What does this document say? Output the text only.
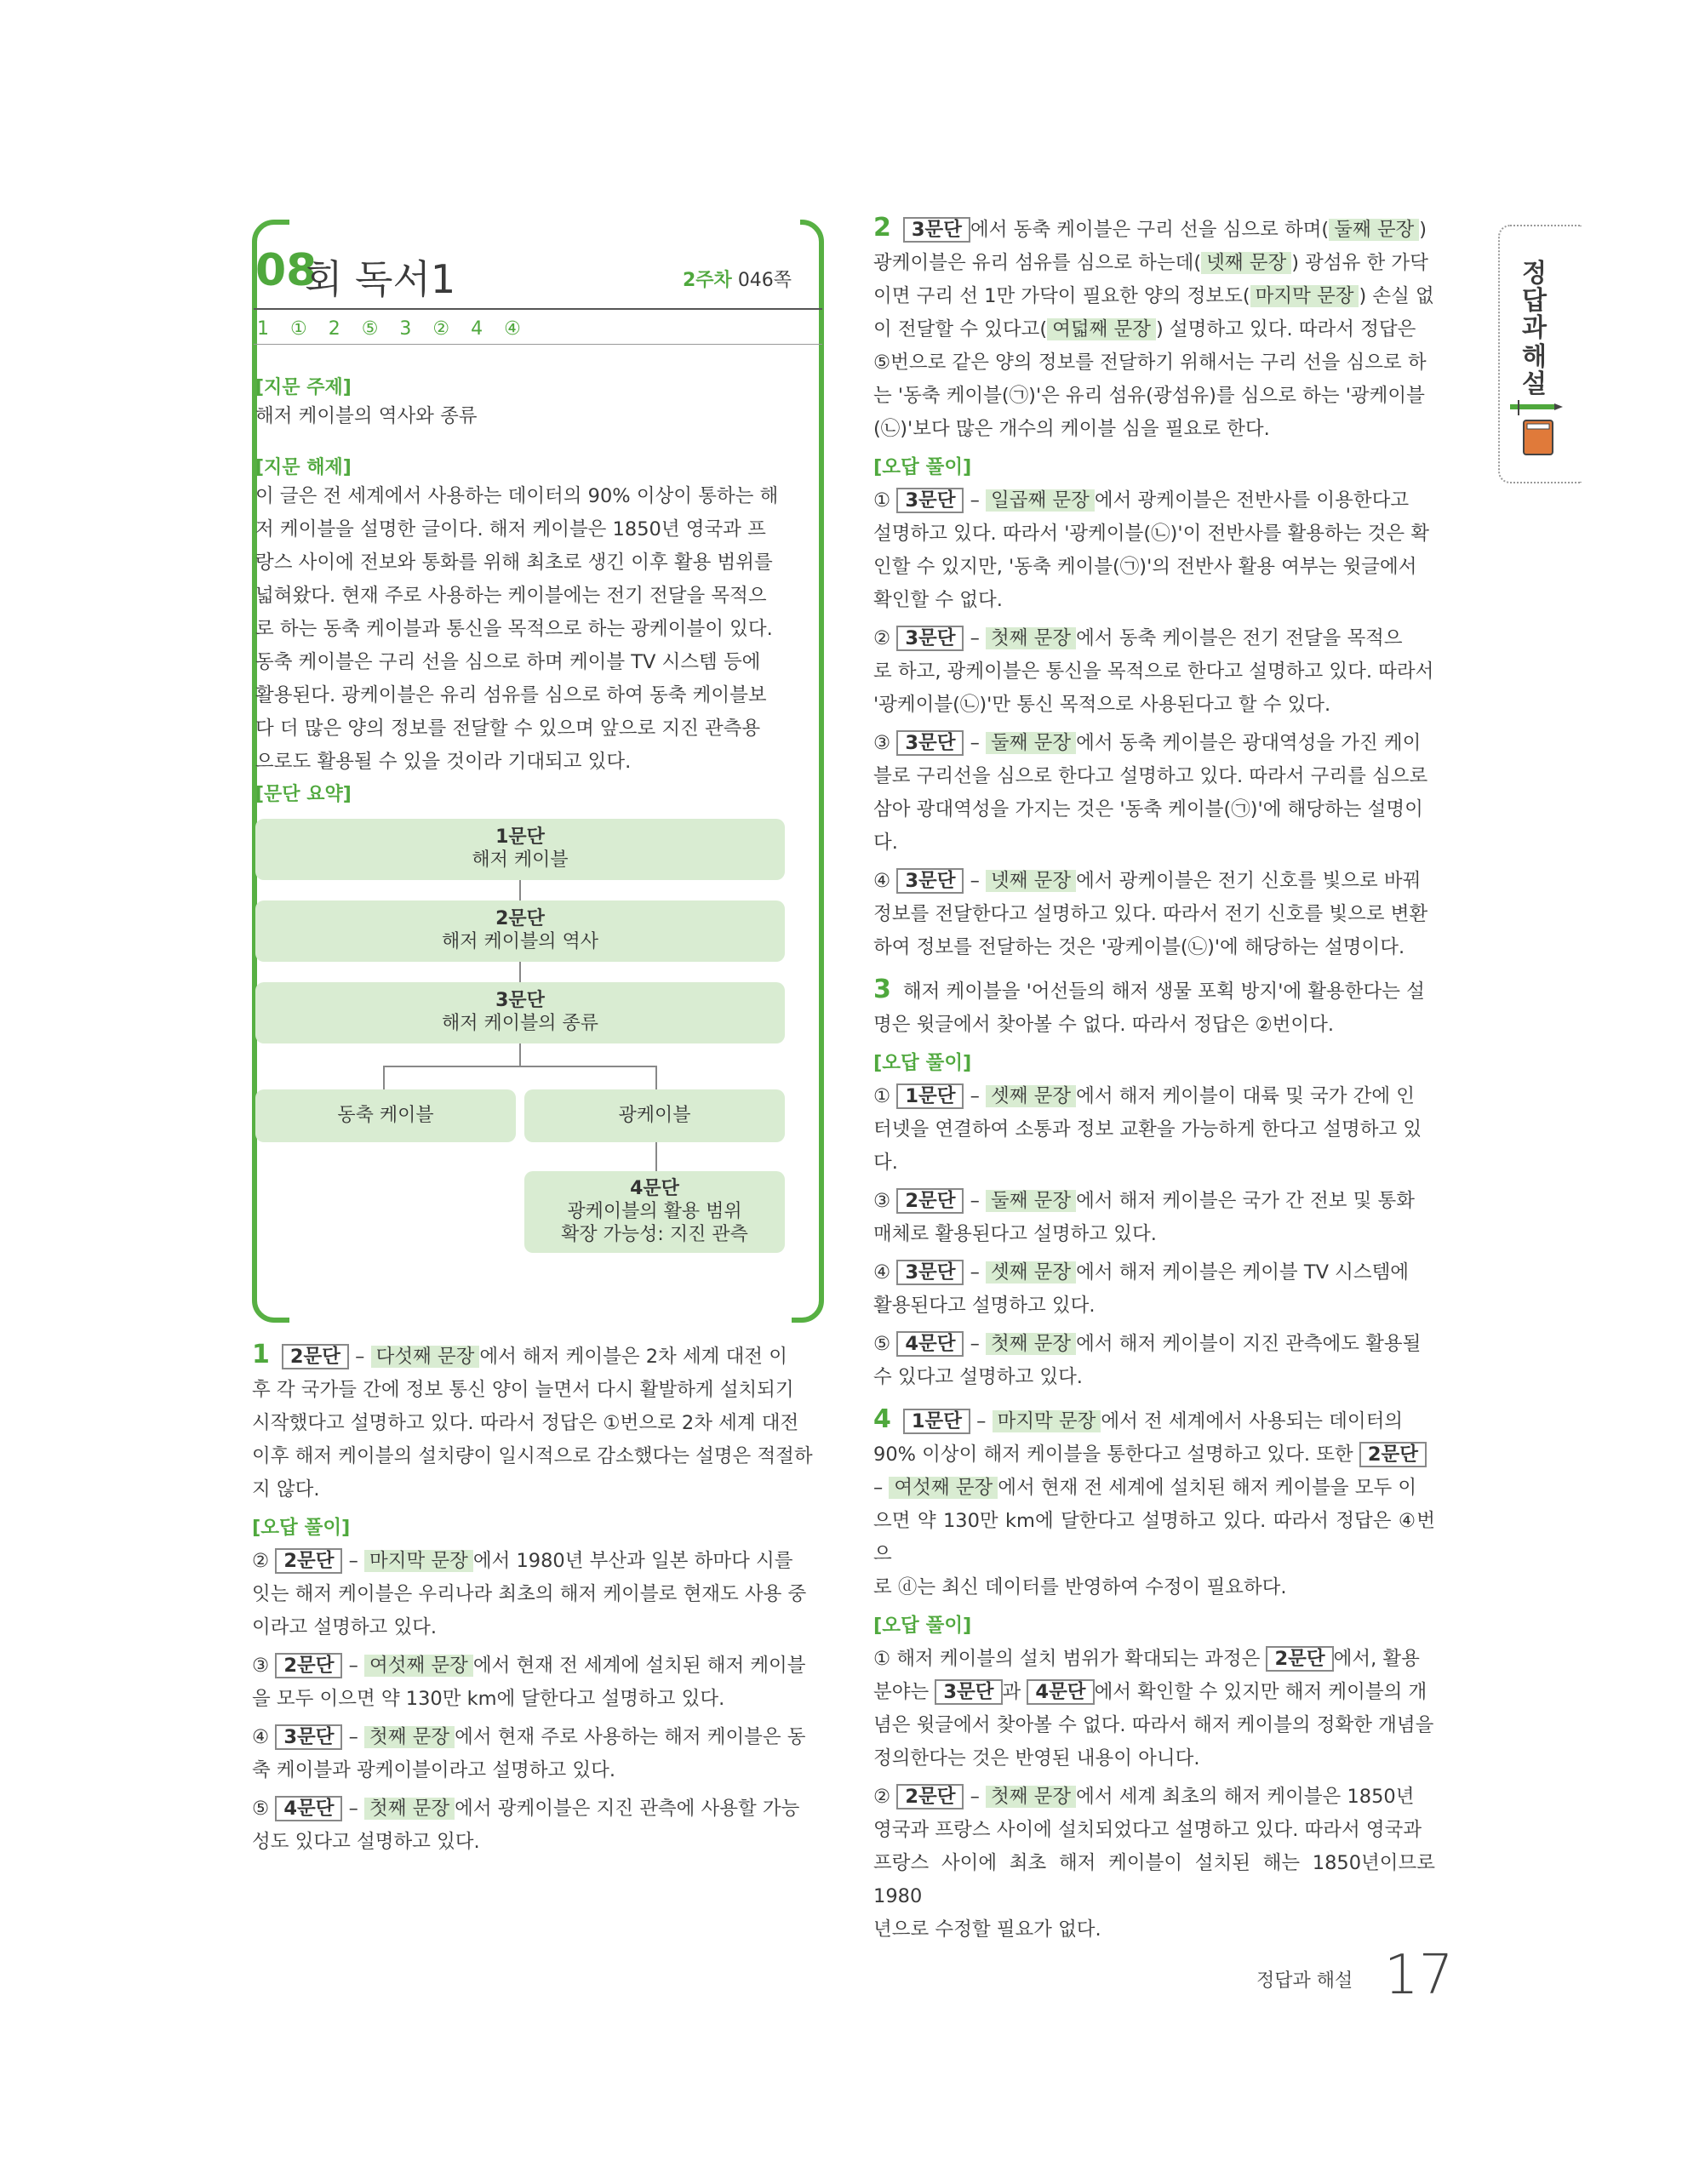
08
회 독서1	2주차 046쪽
1 ① 2 ⑤ 3 ② 4 ④
[지문 주제]
해저 케이블의 역사와 종류
[지문 해제]
이 글은 전 세계에서 사용하는 데이터의 90% 이상이 통하는 해
저 케이블을 설명한 글이다. 해저 케이블은 1850년 영국과 프
랑스 사이에 전보와 통화를 위해 최초로 생긴 이후 활용 범위를
넓혀왔다. 현재 주로 사용하는 케이블에는 전기 전달을 목적으
로 하는 동축 케이블과 통신을 목적으로 하는 광케이블이 있다.
동축 케이블은 구리 선을 심으로 하며 케이블 TV 시스템 등에
활용된다. 광케이블은 유리 섬유를 심으로 하여 동축 케이블보
다 더 많은 양의 정보를 전달할 수 있으며 앞으로 지진 관측용
으로도 활용될 수 있을 것이라 기대되고 있다.
[문단 요약]
1문단
해저 케이블
2문단
해저 케이블의 역사
3문단
해저 케이블의 종류
동축 케이블	광케이블
4문단
광케이블의 활용 범위
확장 가능성: 지진 관측
1 2문단 – 다섯째 문장 에서 해저 케이블은 2차 세계 대전 이
후 각 국가들 간에 정보 통신 양이 늘면서 다시 활발하게 설치되기
시작했다고 설명하고 있다. 따라서 정답은 ①번으로 2차 세계 대전
이후 해저 케이블의 설치량이 일시적으로 감소했다는 설명은 적절하
지 않다.
[오답 풀이]
② 2문단 – 마지막 문장 에서 1980년 부산과 일본 하마다 시를
잇는 해저 케이블은 우리나라 최초의 해저 케이블로 현재도 사용 중
이라고 설명하고 있다.
③ 2문단 – 여섯째 문장 에서 현재 전 세계에 설치된 해저 케이블
을 모두 이으면 약 130만 km에 달한다고 설명하고 있다.
④ 3문단 – 첫째 문장 에서 현재 주로 사용하는 해저 케이블은 동
축 케이블과 광케이블이라고 설명하고 있다.
⑤ 4문단 – 첫째 문장 에서 광케이블은 지진 관측에 사용할 가능
성도 있다고 설명하고 있다.
2 3문단 에서 동축 케이블은 구리 선을 심으로 하며( 둘째 문장 )
광케이블은 유리 섬유를 심으로 하는데( 넷째 문장 ) 광섬유 한 가닥
이면 구리 선 1만 가닥이 필요한 양의 정보도( 마지막 문장 ) 손실 없
이 전달할 수 있다고( 여덟째 문장 ) 설명하고 있다. 따라서 정답은
⑤번으로 같은 양의 정보를 전달하기 위해서는 구리 선을 심으로 하
는 '동축 케이블(㉠)'은 유리 섬유(광섬유)를 심으로 하는 '광케이블
(㉡)'보다 많은 개수의 케이블 심을 필요로 한다.
[오답 풀이]
① 3문단 – 일곱째 문장 에서 광케이블은 전반사를 이용한다고
설명하고 있다. 따라서 '광케이블(㉡)'이 전반사를 활용하는 것은 확
인할 수 있지만, '동축 케이블(㉠)'의 전반사 활용 여부는 윗글에서
확인할 수 없다.
② 3문단 – 첫째 문장 에서 동축 케이블은 전기 전달을 목적으
로 하고, 광케이블은 통신을 목적으로 한다고 설명하고 있다. 따라서
'광케이블(㉡)'만 통신 목적으로 사용된다고 할 수 있다.
③ 3문단 – 둘째 문장 에서 동축 케이블은 광대역성을 가진 케이
블로 구리선을 심으로 한다고 설명하고 있다. 따라서 구리를 심으로
삼아 광대역성을 가지는 것은 '동축 케이블(㉠)'에 해당하는 설명이
다.
④ 3문단 – 넷째 문장 에서 광케이블은 전기 신호를 빛으로 바꿔
정보를 전달한다고 설명하고 있다. 따라서 전기 신호를 빛으로 변환
하여 정보를 전달하는 것은 '광케이블(㉡)'에 해당하는 설명이다.
3 해저 케이블을 '어선들의 해저 생물 포획 방지'에 활용한다는 설
명은 윗글에서 찾아볼 수 없다. 따라서 정답은 ②번이다.
[오답 풀이]
① 1문단 – 셋째 문장 에서 해저 케이블이 대륙 및 국가 간에 인
터넷을 연결하여 소통과 정보 교환을 가능하게 한다고 설명하고 있
다.
③ 2문단 – 둘째 문장 에서 해저 케이블은 국가 간 전보 및 통화
매체로 활용된다고 설명하고 있다.
④ 3문단 – 셋째 문장 에서 해저 케이블은 케이블 TV 시스템에
활용된다고 설명하고 있다.
⑤ 4문단 – 첫째 문장 에서 해저 케이블이 지진 관측에도 활용될
수 있다고 설명하고 있다.
4 1문단 – 마지막 문장 에서 전 세계에서 사용되는 데이터의
90% 이상이 해저 케이블을 통한다고 설명하고 있다. 또한 2문단
– 여섯째 문장 에서 현재 전 세계에 설치된 해저 케이블을 모두 이
으면 약 130만 km에 달한다고 설명하고 있다. 따라서 정답은 ④번으
로 ⓓ는 최신 데이터를 반영하여 수정이 필요하다.
[오답 풀이]
① 해저 케이블의 설치 범위가 확대되는 과정은 2문단 에서, 활용
분야는 3문단 과 4문단 에서 확인할 수 있지만 해저 케이블의 개
념은 윗글에서 찾아볼 수 없다. 따라서 해저 케이블의 정확한 개념을
정의한다는 것은 반영된 내용이 아니다.
② 2문단 – 첫째 문장 에서 세계 최초의 해저 케이블은 1850년
영국과 프랑스 사이에 설치되었다고 설명하고 있다. 따라서 영국과
프랑스 사이에 최초 해저 케이블이 설치된 해는 1850년이므로 1980
년으로 수정할 필요가 없다.
정
답
과
해
설
정답과 해설 17
